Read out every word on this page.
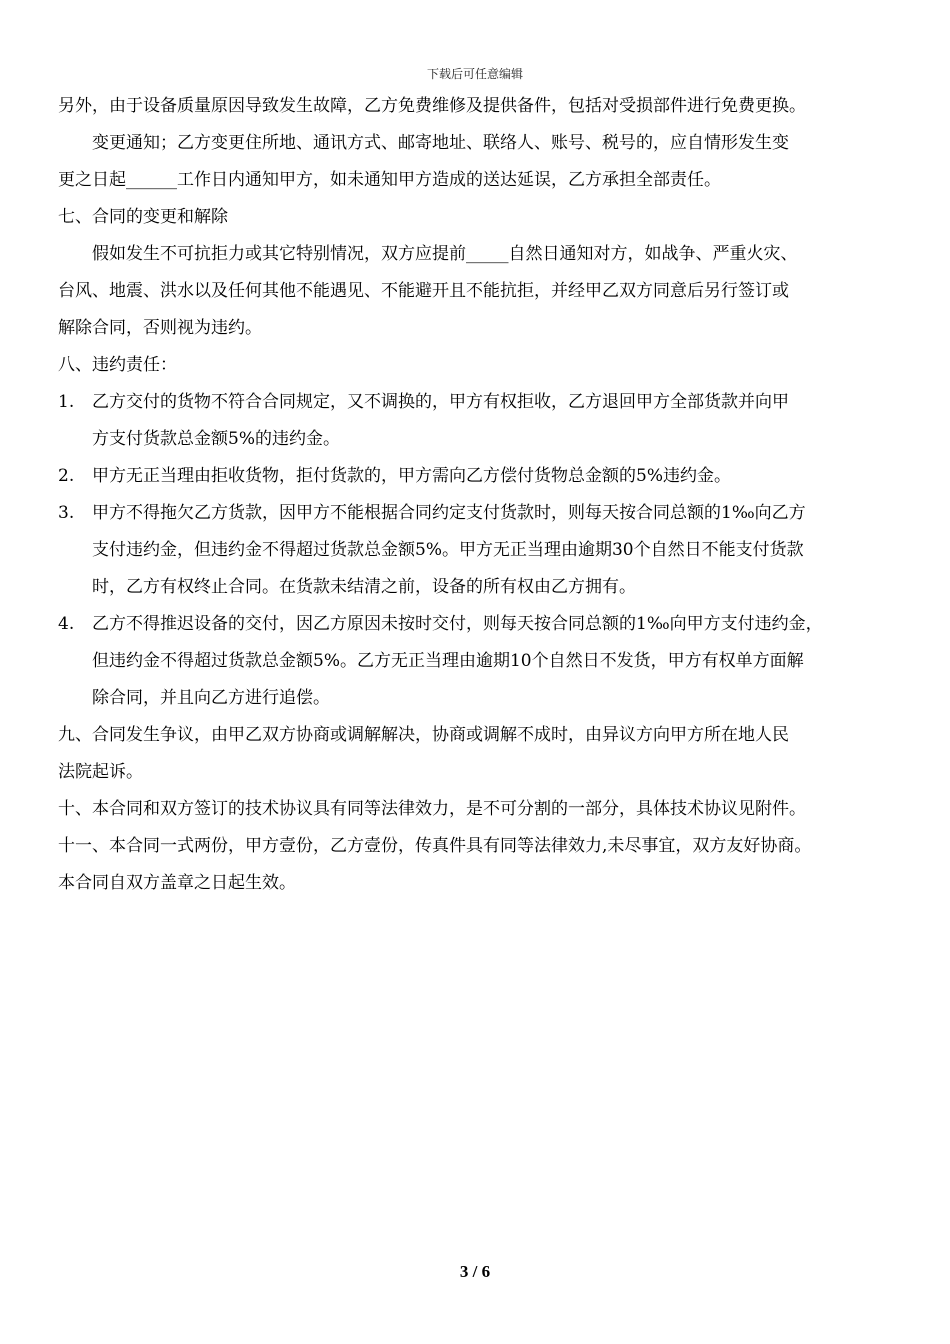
下载后可任意编辑
另外，由于设备质量原因导致发生故障，乙方免费维修及提供备件，包括对受损部件进行免费更换。
变更通知；乙方变更住所地、通讯方式、邮寄地址、联络人、账号、税号的，应自情形发生变
更之日起______工作日内通知甲方，如未通知甲方造成的送达延误，乙方承担全部责任。
七、合同的变更和解除
假如发生不可抗拒力或其它特别情况，双方应提前_____自然日通知对方，如战争、严重火灾、
台风、地震、洪水以及任何其他不能遇见、不能避开且不能抗拒，并经甲乙双方同意后另行签订或
解除合同，否则视为违约。
八、违约责任：
1. 乙方交付的货物不符合合同规定，又不调换的，甲方有权拒收，乙方退回甲方全部货款并向甲
方支付货款总金额5%的违约金。
2. 甲方无正当理由拒收货物，拒付货款的，甲方需向乙方偿付货物总金额的5%违约金。
3. 甲方不得拖欠乙方货款，因甲方不能根据合同约定支付货款时，则每天按合同总额的1‰向乙方
支付违约金，但违约金不得超过货款总金额5%。甲方无正当理由逾期30个自然日不能支付货款
时，乙方有权终止合同。在货款未结清之前，设备的所有权由乙方拥有。
4. 乙方不得推迟设备的交付，因乙方原因未按时交付，则每天按合同总额的1‰向甲方支付违约金，
但违约金不得超过货款总金额5%。乙方无正当理由逾期10个自然日不发货，甲方有权单方面解
除合同，并且向乙方进行追偿。
九、合同发生争议，由甲乙双方协商或调解解决，协商或调解不成时，由异议方向甲方所在地人民
法院起诉。
十、本合同和双方签订的技术协议具有同等法律效力，是不可分割的一部分，具体技术协议见附件。
十一、本合同一式两份，甲方壹份，乙方壹份，传真件具有同等法律效力,未尽事宜，双方友好协商。
本合同自双方盖章之日起生效。
3 / 6
